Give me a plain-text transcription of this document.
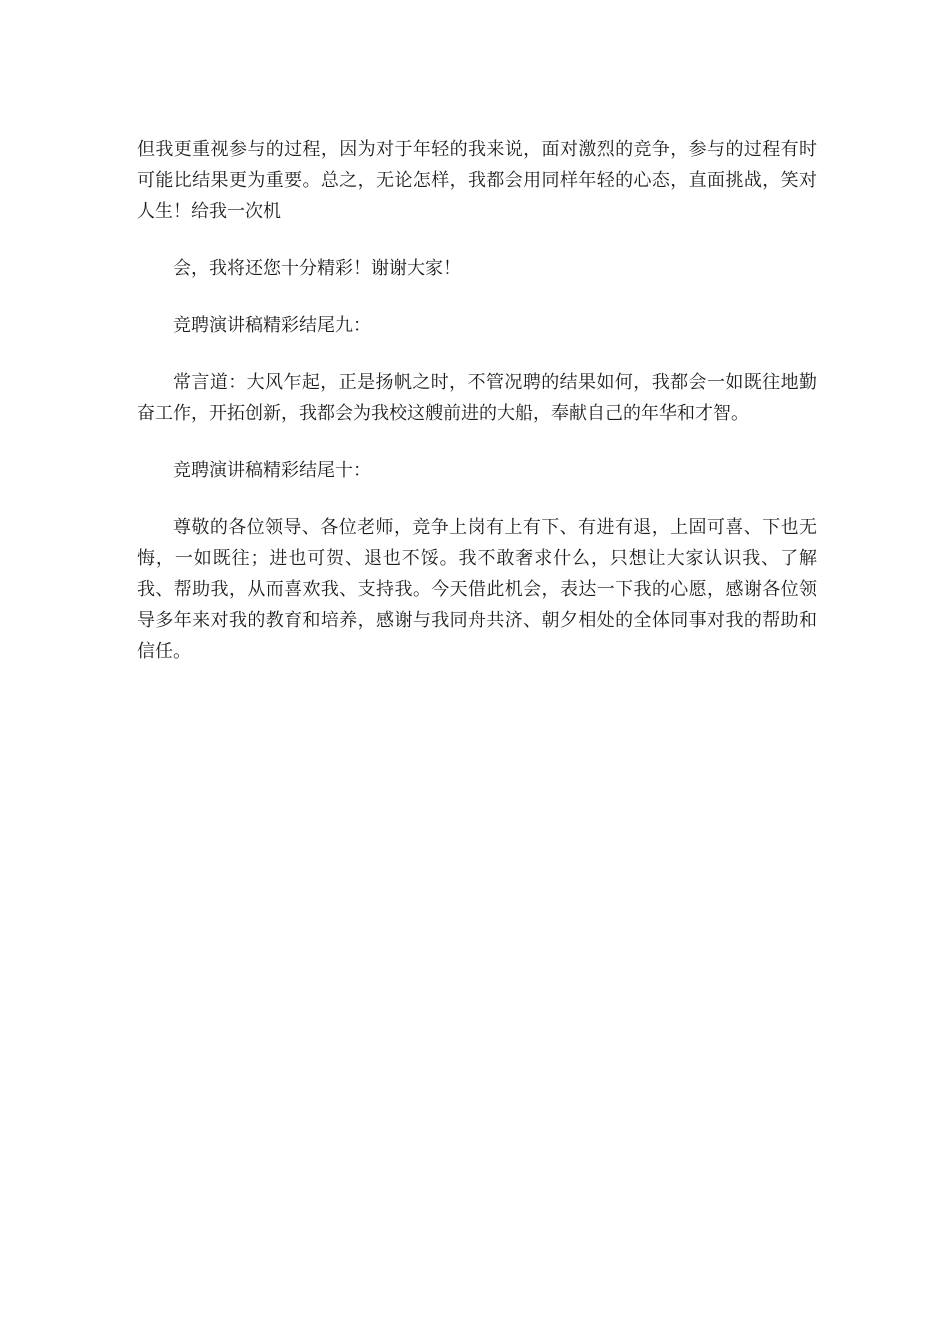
但我更重视参与的过程，因为对于年轻的我来说，面对激烈的竞争，参与的过程有时可能比结果更为重要。总之，无论怎样，我都会用同样年轻的心态，直面挑战，笑对人生！给我一次机

会，我将还您十分精彩！谢谢大家！

竞聘演讲稿精彩结尾九：

常言道：大风乍起，正是扬帆之时，不管况聘的结果如何，我都会一如既往地勤奋工作，开拓创新，我都会为我校这艘前进的大船，奉献自己的年华和才智。

竞聘演讲稿精彩结尾十：

尊敬的各位领导、各位老师，竞争上岗有上有下、有进有退，上固可喜、下也无悔，一如既往；进也可贺、退也不馁。我不敢奢求什么，只想让大家认识我、了解我、帮助我，从而喜欢我、支持我。今天借此机会，表达一下我的心愿，感谢各位领导多年来对我的教育和培养，感谢与我同舟共济、朝夕相处的全体同事对我的帮助和信任。
